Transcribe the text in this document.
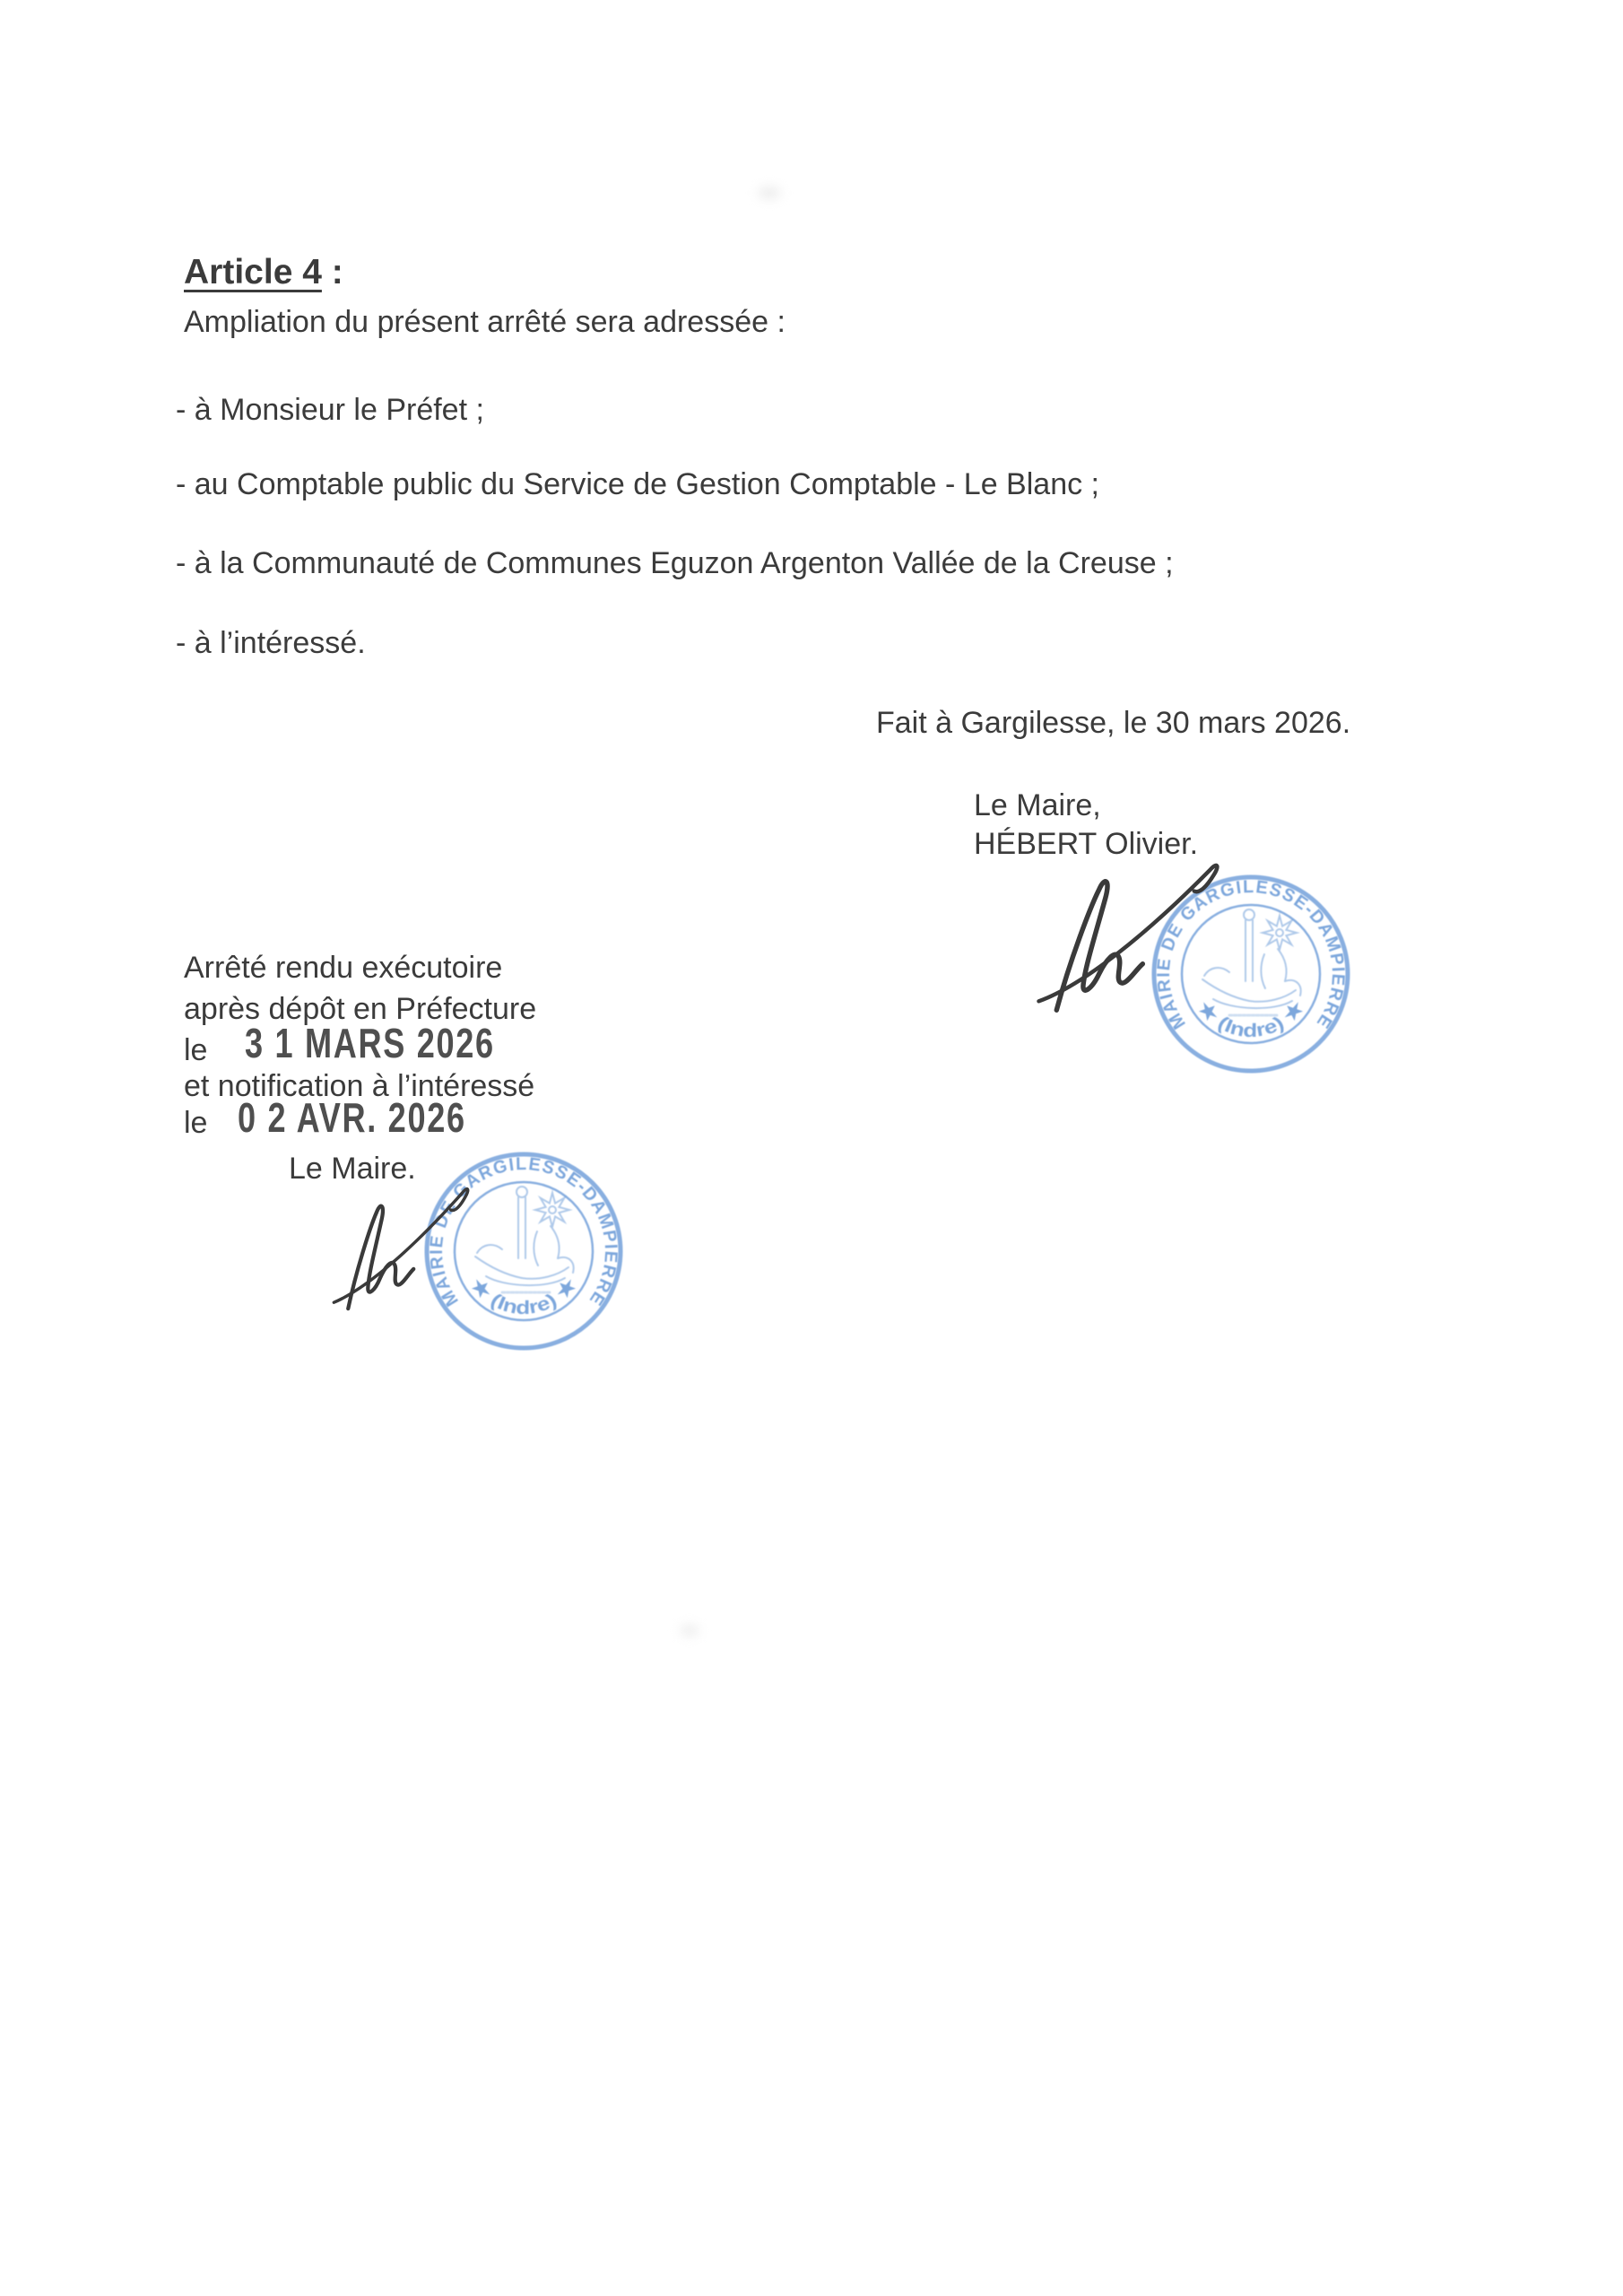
Article 4 :
Ampliation du présent arrêté sera adressée :
- à Monsieur le Préfet ;
- au Comptable public du Service de Gestion Comptable - Le Blanc ;
- à la Communauté de Communes Eguzon Argenton Vallée de la Creuse ;
- à l’intéressé.
Fait à Gargilesse, le 30 mars 2026.
Le Maire,
HÉBERT Olivier.
MAIRIE DE GARGILESSE-DAMPIERRE
★ (Indre) ★
Arrêté rendu exécutoire
après dépôt en Préfecture
le 3 1 MARS 2026
et notification à l’intéressé
le 0 2 AVR. 2026
Le Maire.
MAIRIE DE GARGILESSE-DAMPIERRE
★ (Indre) ★
